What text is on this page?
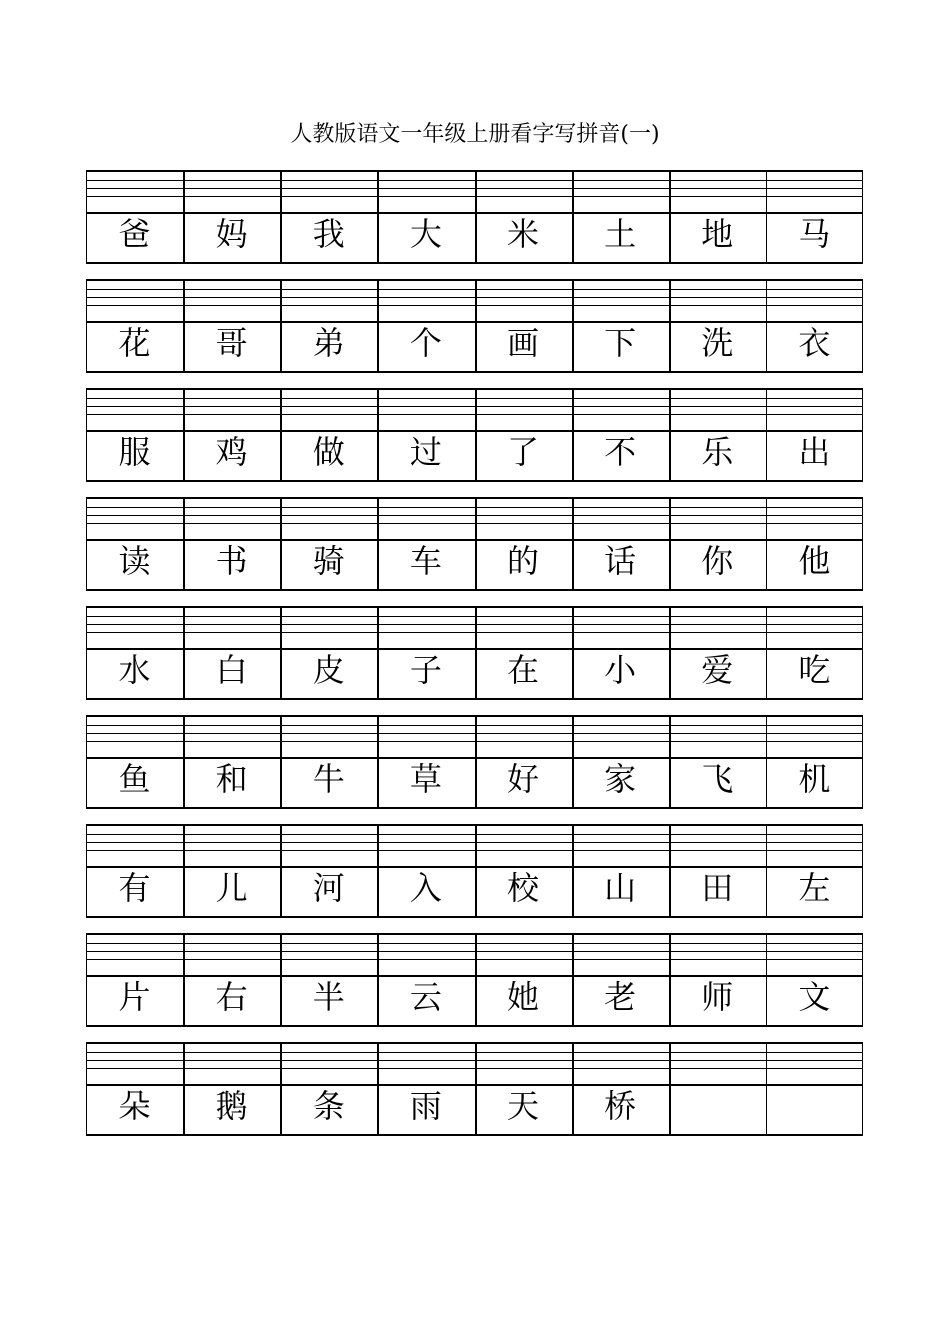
人教版语文一年级上册看字写拼音(一)
爸	妈	我	大	米	土	地	马
花	哥	弟	个	画	下	洗	衣
服	鸡	做	过	了	不	乐	出
读	书	骑	车	的	话	你	他
水	白	皮	子	在	小	爱	吃
鱼	和	牛	草	好	家	飞	机
有	儿	河	入	校	山	田	左
片	右	半	云	她	老	师	文
朵	鹅	条	雨	天	桥
